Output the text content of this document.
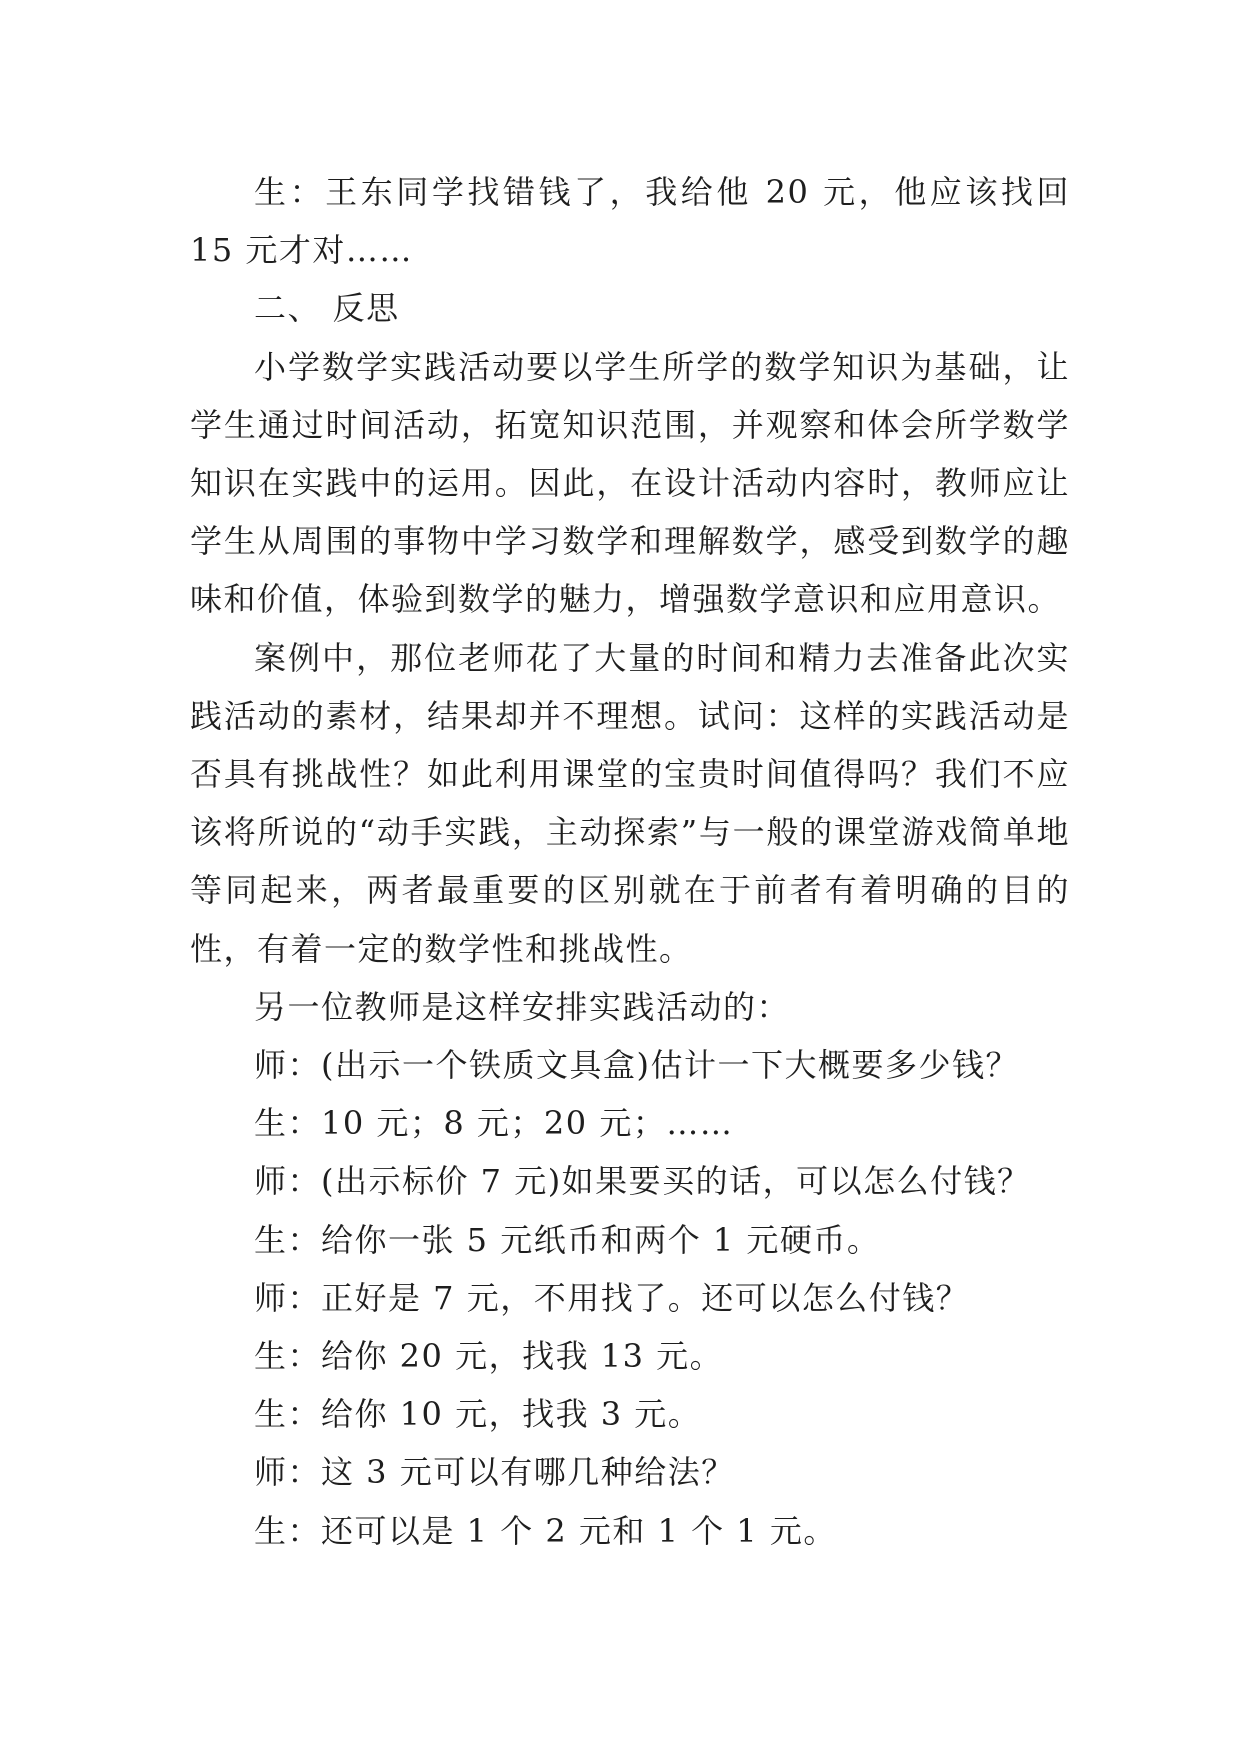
生：王东同学找错钱了，我给他 20 元，他应该找回 15 元才对……

二、 反思

小学数学实践活动要以学生所学的数学知识为基础，让学生通过时间活动，拓宽知识范围，并观察和体会所学数学知识在实践中的运用。因此，在设计活动内容时，教师应让学生从周围的事物中学习数学和理解数学，感受到数学的趣味和价值，体验到数学的魅力，增强数学意识和应用意识。

案例中，那位老师花了大量的时间和精力去准备此次实践活动的素材，结果却并不理想。试问：这样的实践活动是否具有挑战性？如此利用课堂的宝贵时间值得吗？我们不应该将所说的“动手实践，主动探索”与一般的课堂游戏简单地等同起来，两者最重要的区别就在于前者有着明确的目的性，有着一定的数学性和挑战性。

另一位教师是这样安排实践活动的：

师：(出示一个铁质文具盒)估计一下大概要多少钱？

生：10 元；8 元；20 元；……

师：(出示标价 7 元)如果要买的话，可以怎么付钱？

生：给你一张 5 元纸币和两个 1 元硬币。

师：正好是 7 元，不用找了。还可以怎么付钱？

生：给你 20 元，找我 13 元。

生：给你 10 元，找我 3 元。

师：这 3 元可以有哪几种给法？

生：还可以是 1 个 2 元和 1 个 1 元。
